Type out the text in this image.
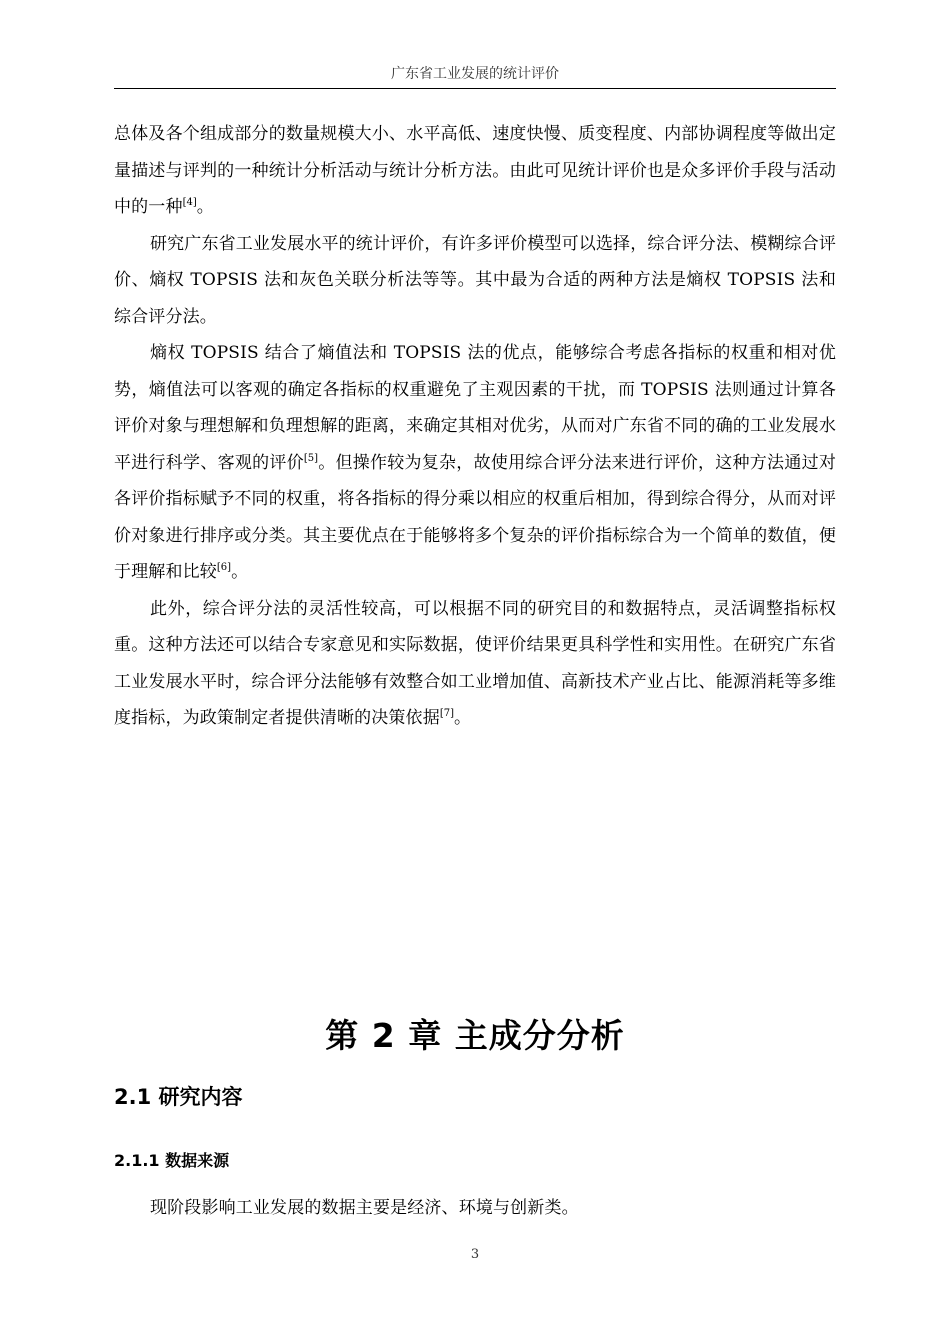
广东省工业发展的统计评价

总体及各个组成部分的数量规模大小、水平高低、速度快慢、质变程度、内部协调程度等做出定量描述与评判的一种统计分析活动与统计分析方法。由此可见统计评价也是众多评价手段与活动中的一种[4]。

研究广东省工业发展水平的统计评价，有许多评价模型可以选择，综合评分法、模糊综合评价、熵权 TOPSIS 法和灰色关联分析法等等。其中最为合适的两种方法是熵权 TOPSIS 法和综合评分法。

熵权 TOPSIS 结合了熵值法和 TOPSIS 法的优点，能够综合考虑各指标的权重和相对优势，熵值法可以客观的确定各指标的权重避免了主观因素的干扰，而 TOPSIS 法则通过计算各评价对象与理想解和负理想解的距离，来确定其相对优劣，从而对广东省不同的确的工业发展水平进行科学、客观的评价[5]。但操作较为复杂，故使用综合评分法来进行评价，这种方法通过对各评价指标赋予不同的权重，将各指标的得分乘以相应的权重后相加，得到综合得分，从而对评价对象进行排序或分类。其主要优点在于能够将多个复杂的评价指标综合为一个简单的数值，便于理解和比较[6]。

此外，综合评分法的灵活性较高，可以根据不同的研究目的和数据特点，灵活调整指标权重。这种方法还可以结合专家意见和实际数据，使评价结果更具科学性和实用性。在研究广东省工业发展水平时，综合评分法能够有效整合如工业增加值、高新技术产业占比、能源消耗等多维度指标，为政策制定者提供清晰的决策依据[7]。

第 2 章 主成分分析
2.1 研究内容
2.1.1 数据来源

现阶段影响工业发展的数据主要是经济、环境与创新类。

3
